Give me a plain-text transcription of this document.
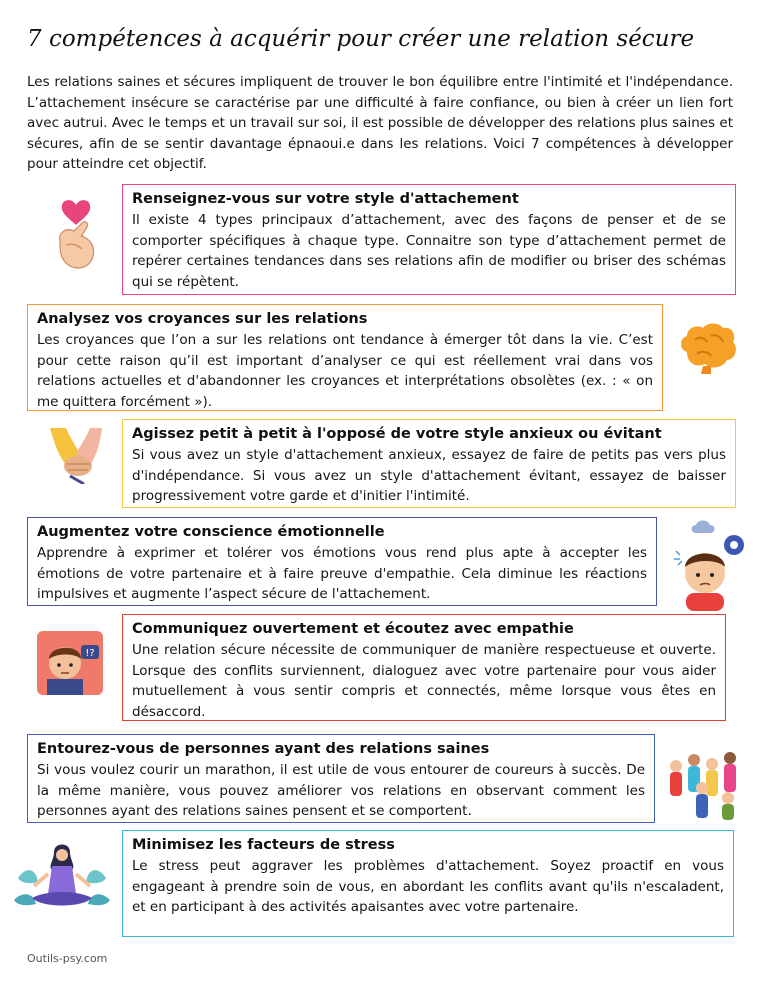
7 compétences à acquérir pour créer une relation sécure
Les relations saines et sécures impliquent de trouver le bon équilibre entre l'intimité et l'indépendance. L’attachement insécure se caractérise par une difficulté à faire confiance, ou bien à créer un lien fort avec autrui. Avec le temps et un travail sur soi, il est possible de développer des relations plus saines et sécures, afin de se sentir davantage épnaoui.e dans les relations. Voici 7 compétences à développer pour atteindre cet objectif.
Renseignez-vous sur votre style d'attachement

Il existe 4 types principaux d’attachement, avec des façons de penser et de se comporter spécifiques à chaque type. Connaitre son type d’attachement permet de repérer certaines tendances dans ses relations afin de modifier ou briser des schémas qui se répètent.

Analysez vos croyances sur les relations

Les croyances que l’on a sur les relations ont tendance à émerger tôt dans la vie. C’est pour cette raison qu’il est important d’analyser ce qui est réellement vrai dans vos relations actuelles et d'abandonner les croyances et interprétations obsolètes (ex. : « on me quittera forcément »).

Agissez petit à petit à l'opposé de votre style anxieux ou évitant

Si vous avez un style d'attachement anxieux, essayez de faire de petits pas vers plus d'indépendance. Si vous avez un style d'attachement évitant, essayez de baisser progressivement votre garde et d'initier l'intimité.

Augmentez votre conscience émotionnelle

Apprendre à exprimer et tolérer vos émotions vous rend plus apte à accepter les émotions de votre partenaire et à faire preuve d'empathie. Cela diminue les réactions impulsives et augmente l’aspect sécure de l'attachement.

Communiquez ouvertement et écoutez avec empathie

Une relation sécure nécessite de communiquer de manière respectueuse et ouverte. Lorsque des conflits surviennent, dialoguez avec votre partenaire pour vous aider mutuellement à vous sentir compris et connectés, même lorsque vous êtes en désaccord.

!?
Entourez-vous de personnes ayant des relations saines

Si vous voulez courir un marathon, il est utile de vous entourer de coureurs à succès. De la même manière, vous pouvez améliorer vos relations en observant comment les personnes ayant des relations saines pensent et se comportent.

Minimisez les facteurs de stress

Le stress peut aggraver les problèmes d'attachement. Soyez proactif en vous engageant à prendre soin de vous, en abordant les conflits avant qu'ils n'escaladent, et en participant à des activités apaisantes avec votre partenaire.

Outils-psy.com
